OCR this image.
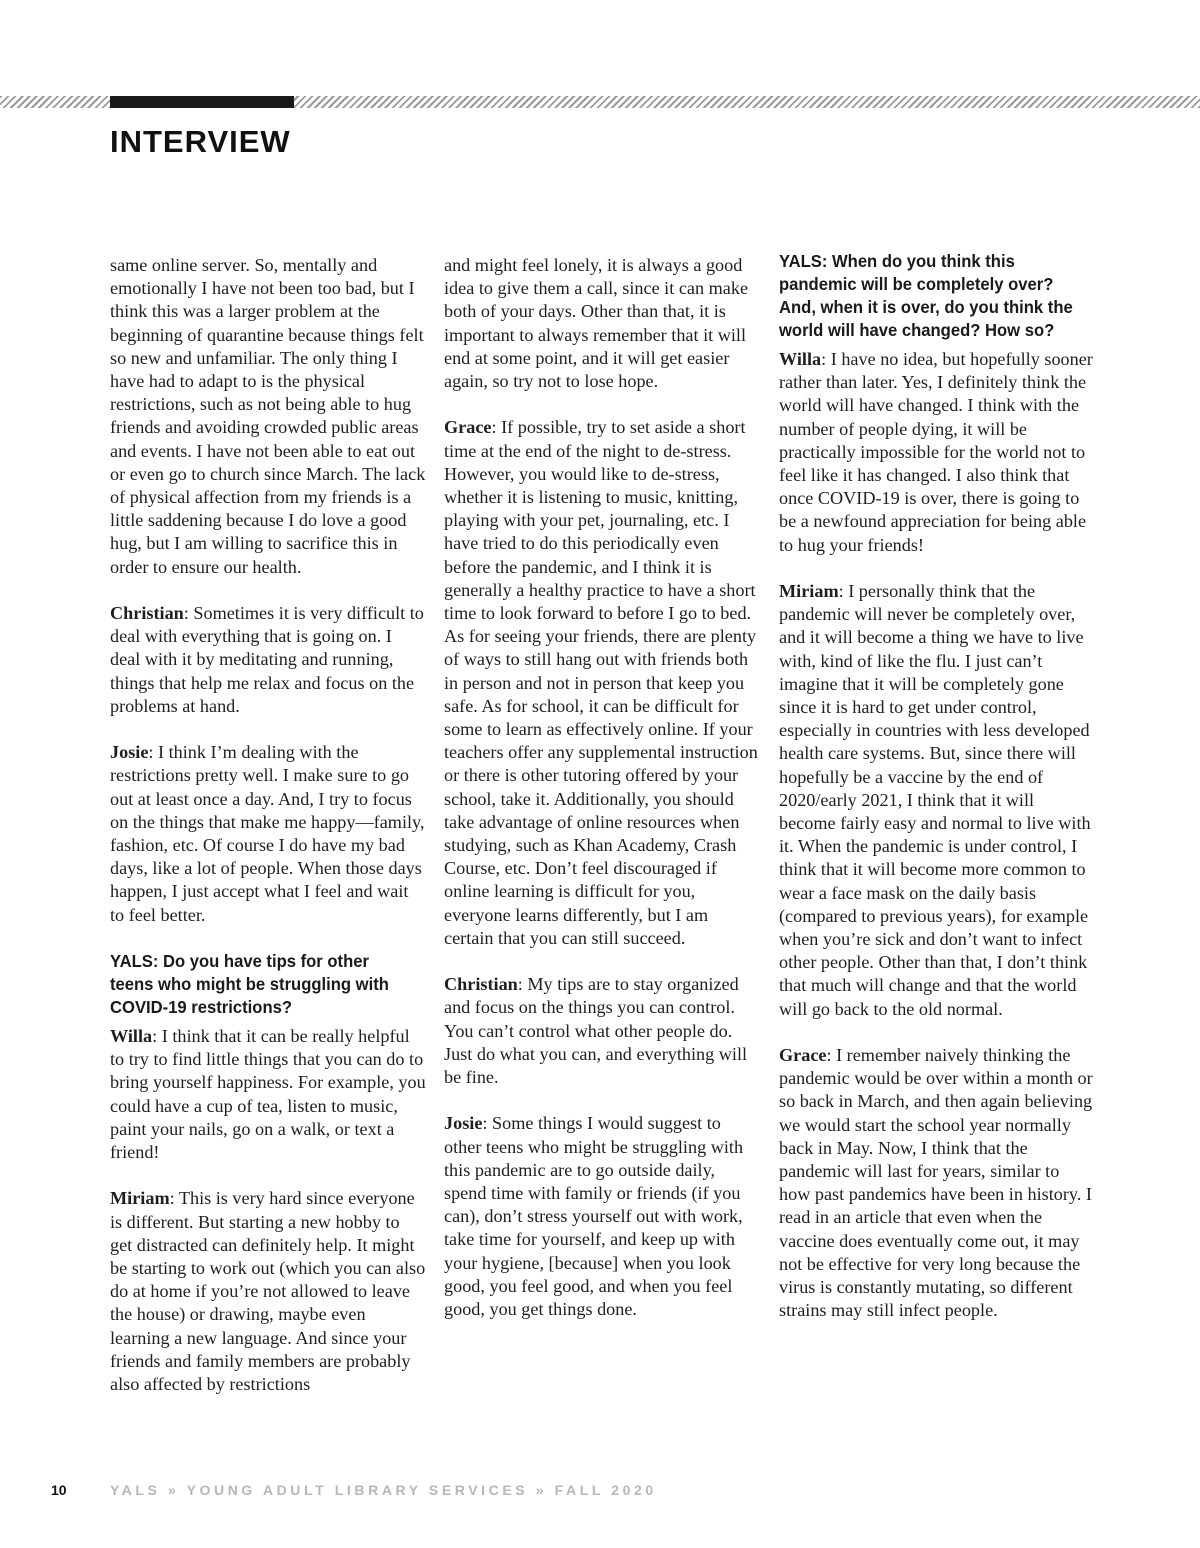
INTERVIEW

same online server. So, mentally and emotionally I have not been too bad, but I think this was a larger problem at the beginning of quarantine because things felt so new and unfamiliar. The only thing I have had to adapt to is the physical restrictions, such as not being able to hug friends and avoiding crowded public areas and events. I have not been able to eat out or even go to church since March. The lack of physical affection from my friends is a little saddening because I do love a good hug, but I am willing to sacrifice this in order to ensure our health.

Christian: Sometimes it is very difficult to deal with everything that is going on. I deal with it by meditating and running, things that help me relax and focus on the problems at hand.

Josie: I think I’m dealing with the restrictions pretty well. I make sure to go out at least once a day. And, I try to focus on the things that make me happy—family, fashion, etc. Of course I do have my bad days, like a lot of people. When those days happen, I just accept what I feel and wait to feel better.

YALS: Do you have tips for other teens who might be struggling with COVID-19 restrictions?

Willa: I think that it can be really helpful to try to find little things that you can do to bring yourself happiness. For example, you could have a cup of tea, listen to music, paint your nails, go on a walk, or text a friend!

Miriam: This is very hard since everyone is different. But starting a new hobby to get distracted can definitely help. It might be starting to work out (which you can also do at home if you’re not allowed to leave the house) or drawing, maybe even learning a new language. And since your friends and family members are probably also affected by restrictions

and might feel lonely, it is always a good idea to give them a call, since it can make both of your days. Other than that, it is important to always remember that it will end at some point, and it will get easier again, so try not to lose hope.

Grace: If possible, try to set aside a short time at the end of the night to de-stress. However, you would like to de-stress, whether it is listening to music, knitting, playing with your pet, journaling, etc. I have tried to do this periodically even before the pandemic, and I think it is generally a healthy practice to have a short time to look forward to before I go to bed. As for seeing your friends, there are plenty of ways to still hang out with friends both in person and not in person that keep you safe. As for school, it can be difficult for some to learn as effectively online. If your teachers offer any supplemental instruction or there is other tutoring offered by your school, take it. Additionally, you should take advantage of online resources when studying, such as Khan Academy, Crash Course, etc. Don’t feel discouraged if online learning is difficult for you, everyone learns differently, but I am certain that you can still succeed.

Christian: My tips are to stay organized and focus on the things you can control. You can’t control what other people do. Just do what you can, and everything will be fine.

Josie: Some things I would suggest to other teens who might be struggling with this pandemic are to go outside daily, spend time with family or friends (if you can), don’t stress yourself out with work, take time for yourself, and keep up with your hygiene, [because] when you look good, you feel good, and when you feel good, you get things done.

YALS: When do you think this pandemic will be completely over? And, when it is over, do you think the world will have changed? How so?

Willa: I have no idea, but hopefully sooner rather than later. Yes, I definitely think the world will have changed. I think with the number of people dying, it will be practically impossible for the world not to feel like it has changed. I also think that once COVID-19 is over, there is going to be a newfound appreciation for being able to hug your friends!

Miriam: I personally think that the pandemic will never be completely over, and it will become a thing we have to live with, kind of like the flu. I just can’t imagine that it will be completely gone since it is hard to get under control, especially in countries with less developed health care systems. But, since there will hopefully be a vaccine by the end of 2020/early 2021, I think that it will become fairly easy and normal to live with it. When the pandemic is under control, I think that it will become more common to wear a face mask on the daily basis (compared to previous years), for example when you’re sick and don’t want to infect other people. Other than that, I don’t think that much will change and that the world will go back to the old normal.

Grace: I remember naively thinking the pandemic would be over within a month or so back in March, and then again believing we would start the school year normally back in May. Now, I think that the pandemic will last for years, similar to how past pandemics have been in history. I read in an article that even when the vaccine does eventually come out, it may not be effective for very long because the virus is constantly mutating, so different strains may still infect people.

10	YALS » YOUNG ADULT LIBRARY SERVICES » FALL 2020
